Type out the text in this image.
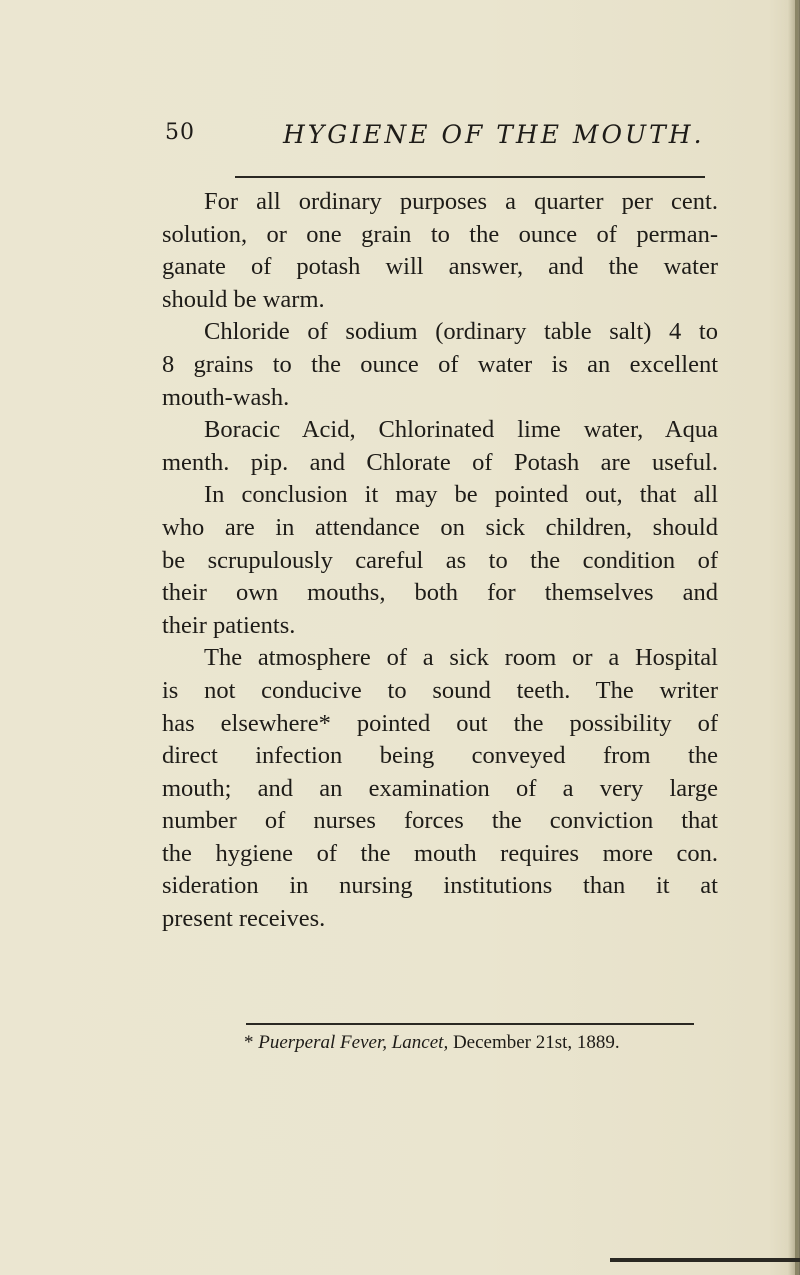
50	HYGIENE OF THE MOUTH.
For all ordinary purposes a quarter per cent.
solution, or one grain to the ounce of perman-
ganate of potash will answer, and the water
should be warm.
Chloride of sodium (ordinary table salt) 4 to
8 grains to the ounce of water is an excellent
mouth-wash.
Boracic Acid, Chlorinated lime water, Aqua
menth. pip. and Chlorate of Potash are useful.
In conclusion it may be pointed out, that all
who are in attendance on sick children, should
be scrupulously careful as to the condition of
their own mouths, both for themselves and
their patients.
The atmosphere of a sick room or a Hospital
is not conducive to sound teeth. The writer
has elsewhere* pointed out the possibility of
direct infection being conveyed from the
mouth; and an examination of a very large
number of nurses forces the conviction that
the hygiene of the mouth requires more con.
sideration in nursing institutions than it at
present receives.
* Puerperal Fever, Lancet, December 21st, 1889.
